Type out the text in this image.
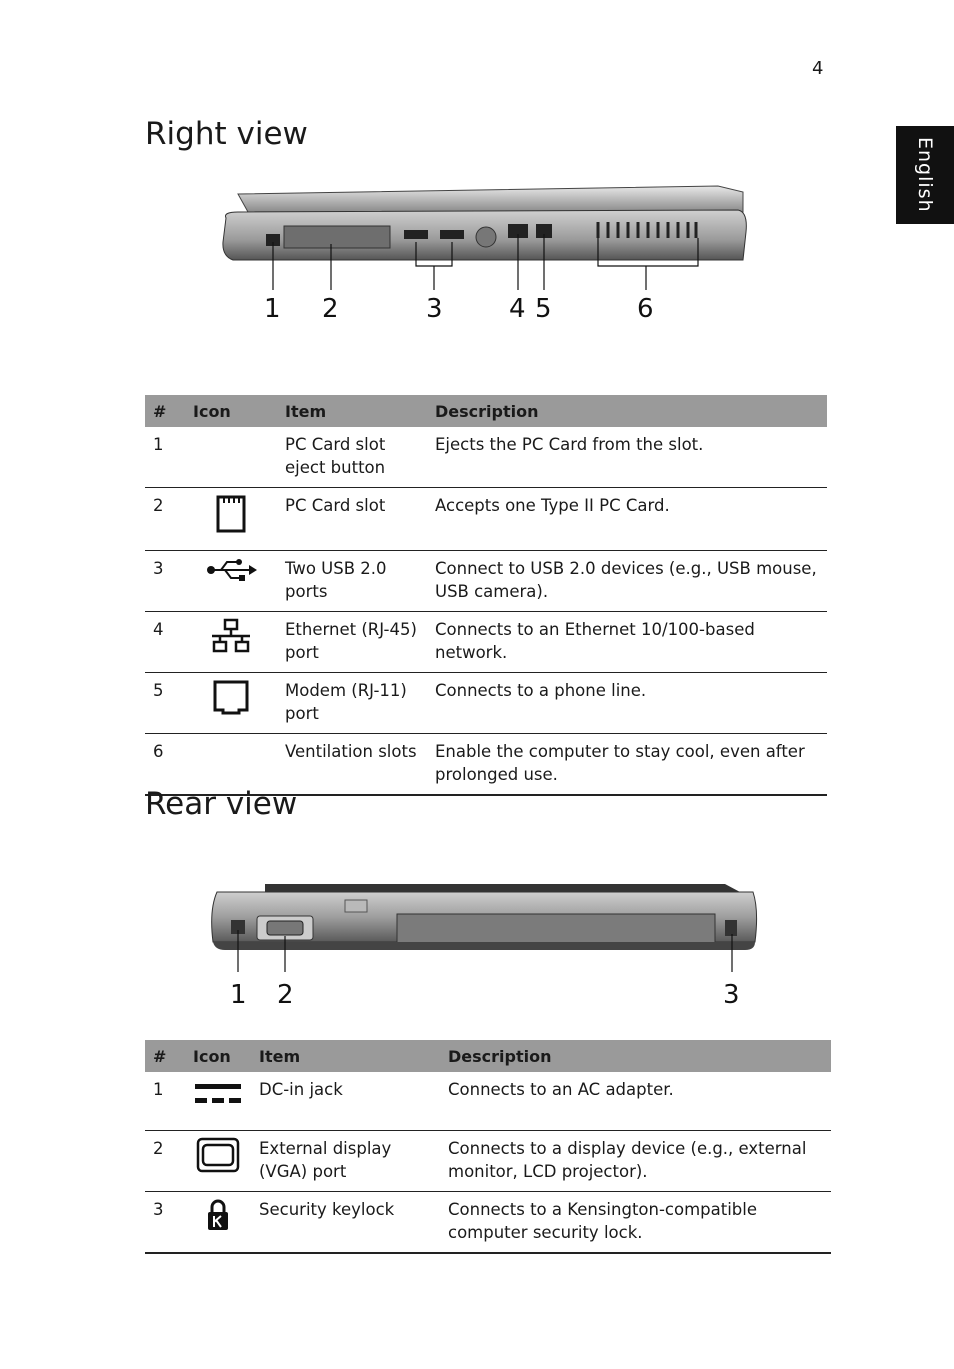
4
English
Right view
1 2	3	4 5	6
#	Icon	Item	Description
1		PC Card slot eject button	Ejects the PC Card from the slot.
2		PC Card slot	Accepts one Type II PC Card.
3		Two USB 2.0 ports	Connect to USB 2.0 devices (e.g., USB mouse, USB camera).
4		Ethernet (RJ-45) port	Connects to an Ethernet 10/100-based network.
5		Modem (RJ-11) port	Connects to a phone line.
6		Ventilation slots	Enable the computer to stay cool, even after prolonged use.
Rear view
1 2	3
#	Icon	Item	Description
1		DC-in jack	Connects to an AC adapter.
2		External display (VGA) port	Connects to a display device (e.g., external monitor, LCD projector).
3		Security keylock	Connects to a Kensington-compatible computer security lock.
